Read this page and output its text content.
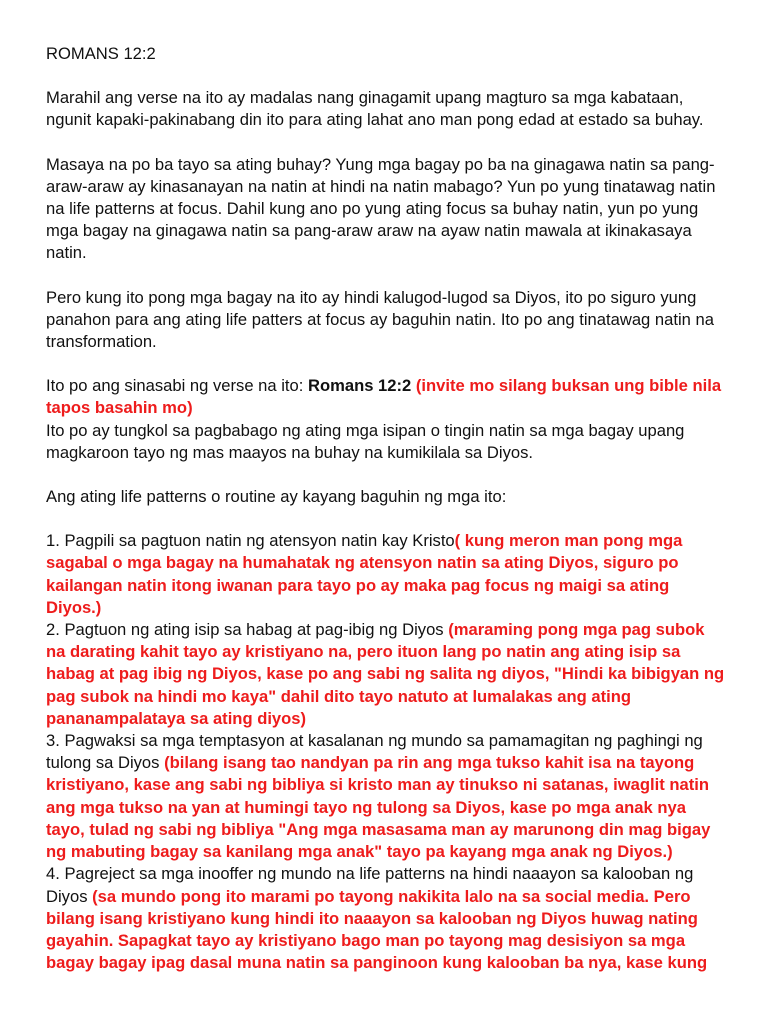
ROMANS 12:2

Marahil ang verse na ito ay madalas nang ginagamit upang magturo sa mga kabataan, ngunit kapaki-pakinabang din ito para ating lahat ano man pong edad at estado sa buhay.

Masaya na po ba tayo sa ating buhay? Yung mga bagay po ba na ginagawa natin sa pang-araw-araw ay kinasanayan na natin at hindi na natin mabago? Yun po yung tinatawag natin na life patterns at focus. Dahil kung ano po yung ating focus sa buhay natin, yun po yung mga bagay na ginagawa natin sa pang-araw araw na ayaw natin mawala at ikinakasaya natin.

Pero kung ito pong mga bagay na ito ay hindi kalugod-lugod sa Diyos, ito po siguro yung panahon para ang ating life patters at focus ay baguhin natin. Ito po ang tinatawag natin na transformation.

Ito po ang sinasabi ng verse na ito: Romans 12:2 (invite mo silang buksan ung bible nila tapos basahin mo)

Ito po ay tungkol sa pagbabago ng ating mga isipan o tingin natin sa mga bagay upang magkaroon tayo ng mas maayos na buhay na kumikilala sa Diyos.

Ang ating life patterns o routine ay kayang baguhin ng mga ito:

1. Pagpili sa pagtuon natin ng atensyon natin kay Kristo( kung meron man pong mga sagabal o mga bagay na humahatak ng atensyon natin sa ating Diyos, siguro po kailangan natin itong iwanan para tayo po ay maka pag focus ng maigi sa ating Diyos.)

2. Pagtuon ng ating isip sa habag at pag-ibig ng Diyos (maraming pong mga pag subok na darating kahit tayo ay kristiyano na, pero ituon lang po natin ang ating isip sa habag at pag ibig ng Diyos, kase po ang sabi ng salita ng diyos, "Hindi ka bibigyan ng pag subok na hindi mo kaya" dahil dito tayo natuto at lumalakas ang ating pananampalataya sa ating diyos)

3. Pagwaksi sa mga temptasyon at kasalanan ng mundo sa pamamagitan ng paghingi ng tulong sa Diyos (bilang isang tao nandyan pa rin ang mga tukso kahit isa na tayong kristiyano, kase ang sabi ng bibliya si kristo man ay tinukso ni satanas, iwaglit natin ang mga tukso na yan at humingi tayo ng tulong sa Diyos, kase po mga anak nya tayo, tulad ng sabi ng bibliya "Ang mga masasama man ay marunong din mag bigay ng mabuting bagay sa kanilang mga anak" tayo pa kayang mga anak ng Diyos.)

4. Pagreject sa mga inooffer ng mundo na life patterns na hindi naaayon sa kalooban ng Diyos (sa mundo pong ito marami po tayong nakikita lalo na sa social media. Pero bilang isang kristiyano kung hindi ito naaayon sa kalooban ng Diyos huwag nating gayahin. Sapagkat tayo ay kristiyano bago man po tayong mag desisiyon sa mga bagay bagay ipag dasal muna natin sa panginoon kung kalooban ba nya, kase kung
